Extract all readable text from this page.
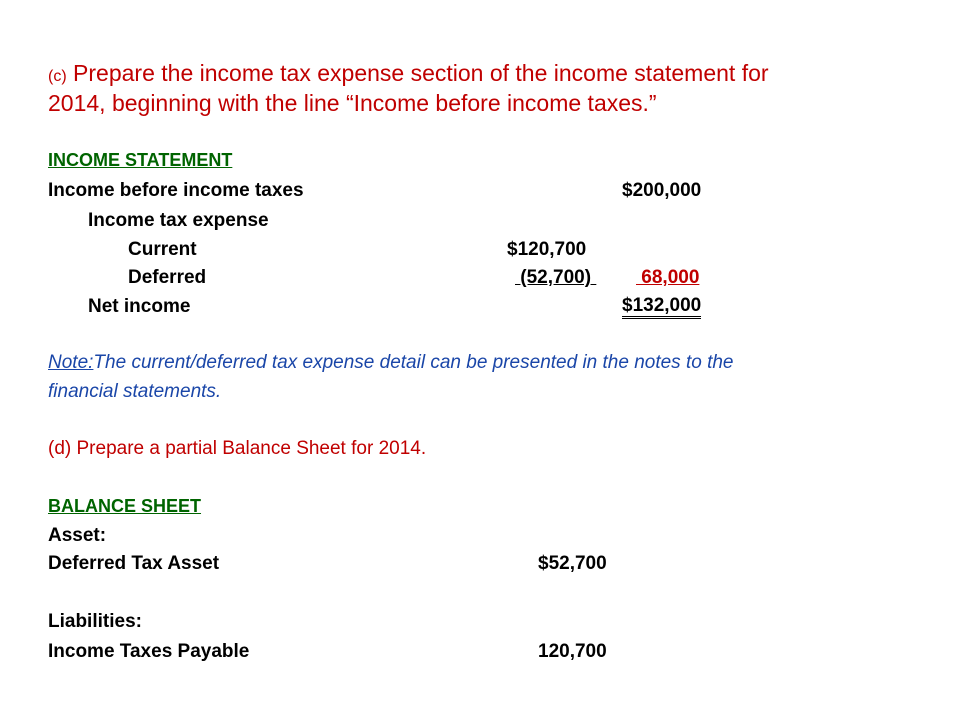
(c) Prepare the income tax expense section of the income statement for
2014, beginning with the line “Income before income taxes.”
INCOME STATEMENT
Income before income taxes	$200,000
Income tax expense
Current	$120,700
Deferred	(52,700) 68,000
Net income	$132,000
Note:The current/deferred tax expense detail can be presented in the notes to the
financial statements.
(d) Prepare a partial Balance Sheet for 2014.
BALANCE SHEET
Asset:
Deferred Tax Asset	$52,700
Liabilities:
Income Taxes Payable	120,700
